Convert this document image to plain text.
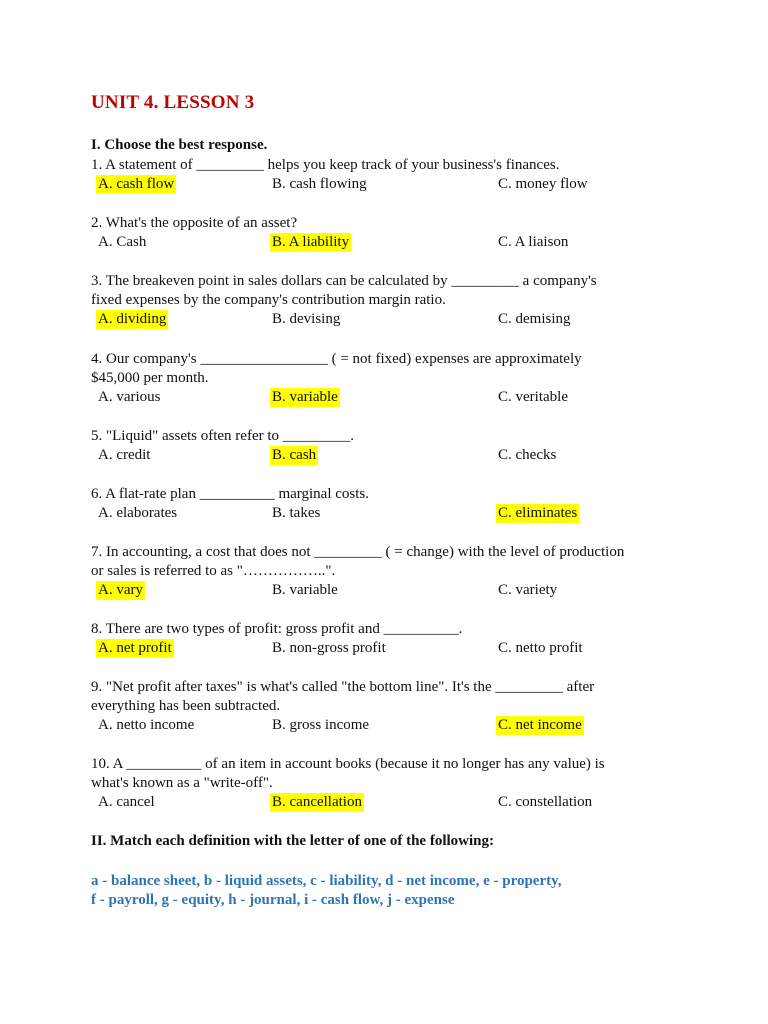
UNIT 4. LESSON 3
I. Choose the best response.
1. A statement of _________ helps you keep track of your business's finances.
A. cash flow	B. cash flowing	C. money flow
2. What's the opposite of an asset?
A. Cash	B. A liability	C. A liaison
3. The breakeven point in sales dollars can be calculated by _________ a company's
fixed expenses by the company's contribution margin ratio.
A. dividing	B. devising	C. demising
4. Our company's _________________ ( = not fixed) expenses are approximately
$45,000 per month.
A. various	B. variable	C. veritable
5. "Liquid" assets often refer to _________.
A. credit	B. cash	C. checks
6. A flat-rate plan __________ marginal costs.
A. elaborates	B. takes	C. eliminates
7. In accounting, a cost that does not _________ ( = change) with the level of production
or sales is referred to as "……………..".
A. vary	B. variable	C. variety
8. There are two types of profit: gross profit and __________.
A. net profit	B. non-gross profit	C. netto profit
9. "Net profit after taxes" is what's called "the bottom line". It's the _________ after
everything has been subtracted.
A. netto income	B. gross income	C. net income
10. A __________ of an item in account books (because it no longer has any value) is
what's known as a "write-off".
A. cancel	B. cancellation	C. constellation
II. Match each definition with the letter of one of the following:
a - balance sheet, b - liquid assets, c - liability, d - net income, e - property,
f - payroll, g - equity, h - journal, i - cash flow, j - expense
